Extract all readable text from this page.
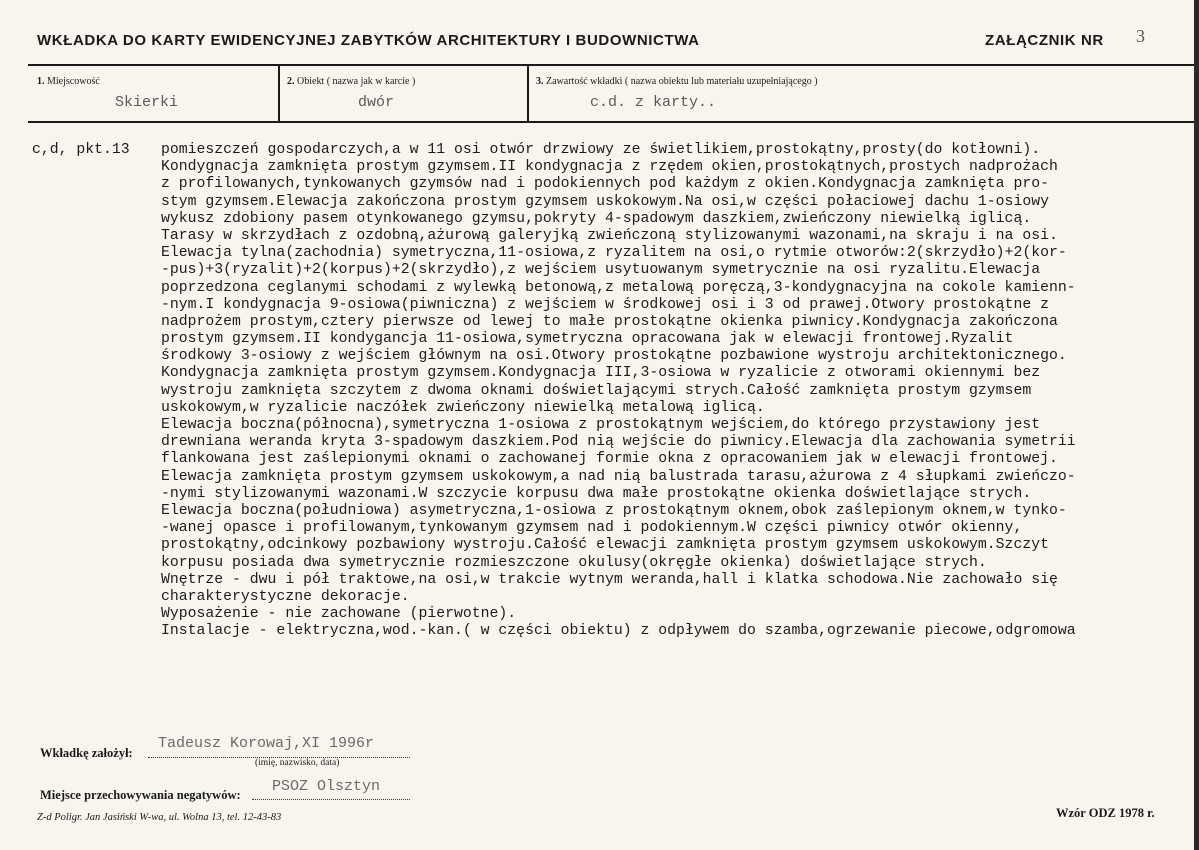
WKŁADKA DO KARTY EWIDENCYJNEJ ZABYTKÓW ARCHITEKTURY I BUDOWNICTWA	ZAŁĄCZNIK NR 3
1. Miejscowość	2. Obiekt ( nazwa jak w karcie )	3. Zawartość wkładki ( nazwa obiektu lub materiału uzupełniającego )
Skierki	dwór	c.d. z karty..
c,d, pkt.13 pomieszczeń gospodarczych,a w 11 osi otwór drzwiowy ze świetlikiem,prostokątny,prosty(do kotłowni).
Kondygnacja zamknięta prostym gzymsem.II kondygnacja z rzędem okien,prostokątnych,prostych nadprożach
z profilowanych,tynkowanych gzymsów nad i podokiennych pod każdym z okien.Kondygnacja zamknięta pro-
stym gzymsem.Elewacja zakończona prostym gzymsem uskokowym.Na osi,w części połaciowej dachu 1-osiowy
wykusz zdobiony pasem otynkowanego gzymsu,pokryty 4-spadowym daszkiem,zwieńczony niewielką iglicą.
Tarasy w skrzydłach z ozdobną,ażurową galeryjką zwieńczoną stylizowanymi wazonami,na skraju i na osi.
Elewacja tylna(zachodnia) symetryczna,11-osiowa,z ryzalitem na osi,o rytmie otworów:2(skrzydło)+2(kor-
-pus)+3(ryzalit)+2(korpus)+2(skrzydło),z wejściem usytuowanym symetrycznie na osi ryzalitu.Elewacja
poprzedzona ceglanymi schodami z wylewką betonową,z metalową poręczą,3-kondygnacyjna na cokole kamienn-
-nym.I kondygnacja 9-osiowa(piwniczna) z wejściem w środkowej osi i 3 od prawej.Otwory prostokątne z
nadprożem prostym,cztery pierwsze od lewej to małe prostokątne okienka piwnicy.Kondygnacja zakończona
prostym gzymsem.II kondygancja 11-osiowa,symetryczna opracowana jak w elewacji frontowej.Ryzalit
środkowy 3-osiowy z wejściem głównym na osi.Otwory prostokątne pozbawione wystroju architektonicznego.
Kondygnacja zamknięta prostym gzymsem.Kondygnacja III,3-osiowa w ryzalicie z otworami okiennymi bez
wystroju zamknięta szczytem z dwoma oknami doświetlającymi strych.Całość zamknięta prostym gzymsem
uskokowym,w ryzalicie naczółek zwieńczony niewielką metalową iglicą.
Elewacja boczna(północna),symetryczna 1-osiowa z prostokątnym wejściem,do którego przystawiony jest
drewniana weranda kryta 3-spadowym daszkiem.Pod nią wejście do piwnicy.Elewacja dla zachowania symetrii
flankowana jest zaślepionymi oknami o zachowanej formie okna z opracowaniem jak w elewacji frontowej.
Elewacja zamknięta prostym gzymsem uskokowym,a nad nią balustrada tarasu,ażurowa z 4 słupkami zwieńczo-
-nymi stylizowanymi wazonami.W szczycie korpusu dwa małe prostokątne okienka doświetlające strych.
Elewacja boczna(południowa) asymetryczna,1-osiowa z prostokątnym oknem,obok zaślepionym oknem,w tynko-
-wanej opasce i profilowanym,tynkowanym gzymsem nad i podokiennym.W części piwnicy otwór okienny,
prostokątny,odcinkowy pozbawiony wystroju.Całość elewacji zamknięta prostym gzymsem uskokowym.Szczyt
korpusu posiada dwa symetrycznie rozmieszczone okulusy(okręgłe okienka) doświetlające strych.
Wnętrze - dwu i pół traktowe,na osi,w trakcie wytnym weranda,hall i klatka schodowa.Nie zachowało się
charakterystyczne dekoracje.
Wyposażenie - nie zachowane (pierwotne).
Instalacje - elektryczna,wod.-kan.( w części obiektu) z odpływem do szamba,ogrzewanie piecowe,odgromowa
Wkładkę założył:
Tadeusz Korowaj,XI 1996r
(imię, nazwisko, data)
Miejsce przechowywania negatywów: PSOZ Olsztyn
Z-d Poligr. Jan Jasiński W-wa, ul. Wolna 13, tel. 12-43-83	Wzór ODZ 1978 r.
